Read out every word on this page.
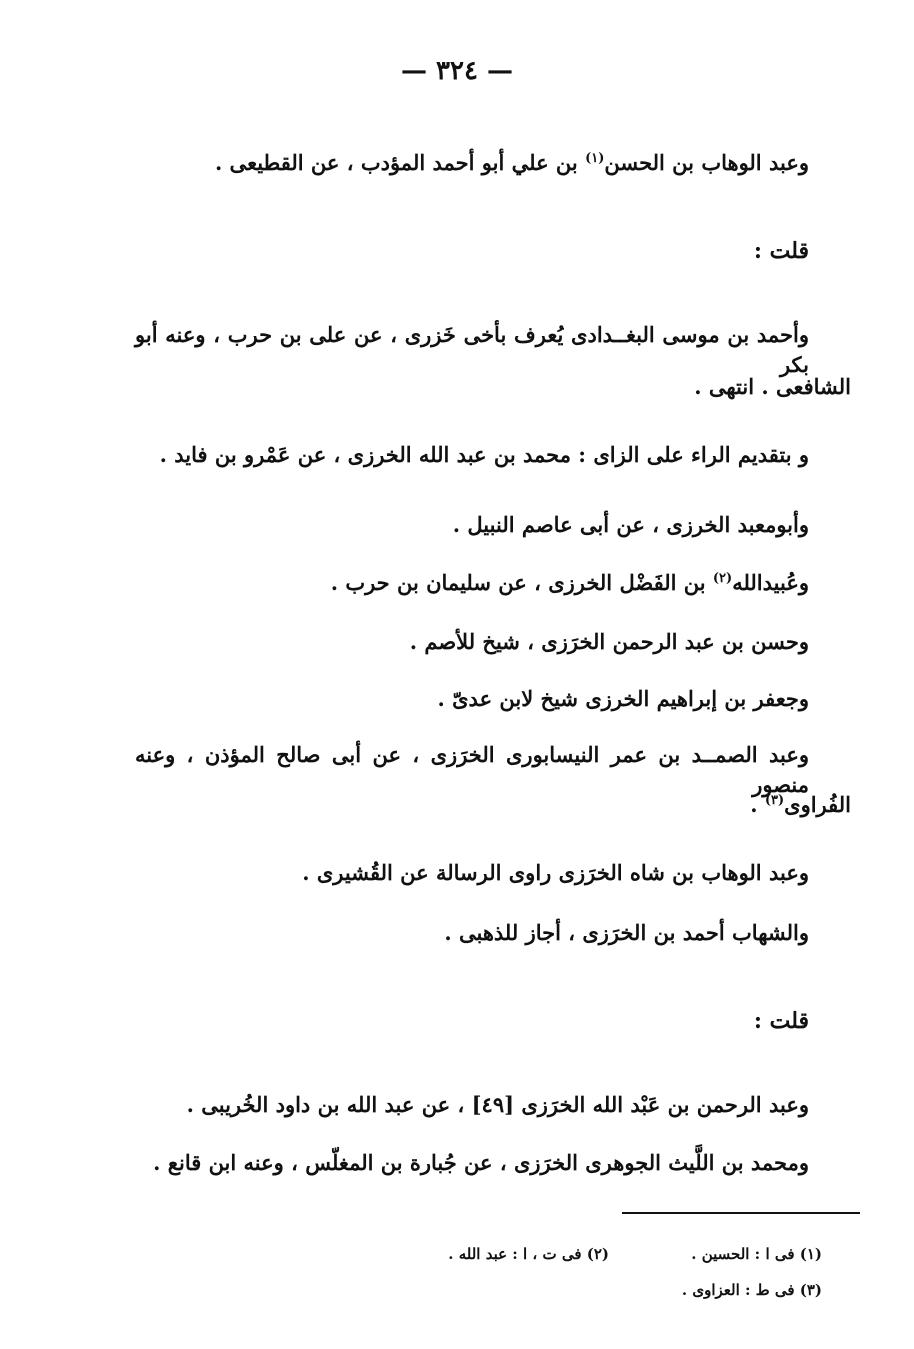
— ٣٢٤ —
وعبد الوهاب بن الحسن$^{(١)}$ بن علي أبو أحمد المؤدب ، عن القطيعى .
قلت :
وأحمد بن موسى البغــدادى يُعرف بأخى خَزرى ، عن على بن حرب ، وعنه أبو بكر
الشافعى . انتهى .
و بتقديم الراء على الزاى : محمد بن عبد الله الخرزى ، عن عَمْرو بن فايد .
وأبومعبد الخرزى ، عن أبى عاصم النبيل .
وعُبيدالله$^{(٢)}$ بن الفَضْل الخرزى ، عن سليمان بن حرب .
وحسن بن عبد الرحمن الخرَزى ، شيخ للأصم .
وجعفر بن إبراهيم الخرزى شيخ لابن عدىّ .
وعبد الصمــد بن عمر النيسابورى الخرَزى ، عن أبى صالح المؤذن ، وعنه منصور
الفُراوى$^{(٣)}$ .
وعبد الوهاب بن شاه الخرَزى راوى الرسالة عن القُشيرى .
والشهاب أحمد بن الخرَزى ، أجاز للذهبى .
قلت :
وعبد الرحمن بن عَبْد الله الخرَزى [٤٩] ، عن عبد الله بن داود الخُريبى .
ومحمد بن اللَّيث الجوهرى الخرَزى ، عن جُبارة بن المغلّس ، وعنه ابن قانع .
(١) فى ا : الحسين .
(٢) فى ت ، ا : عبد الله .
(٣) فى ط : العزاوى .
